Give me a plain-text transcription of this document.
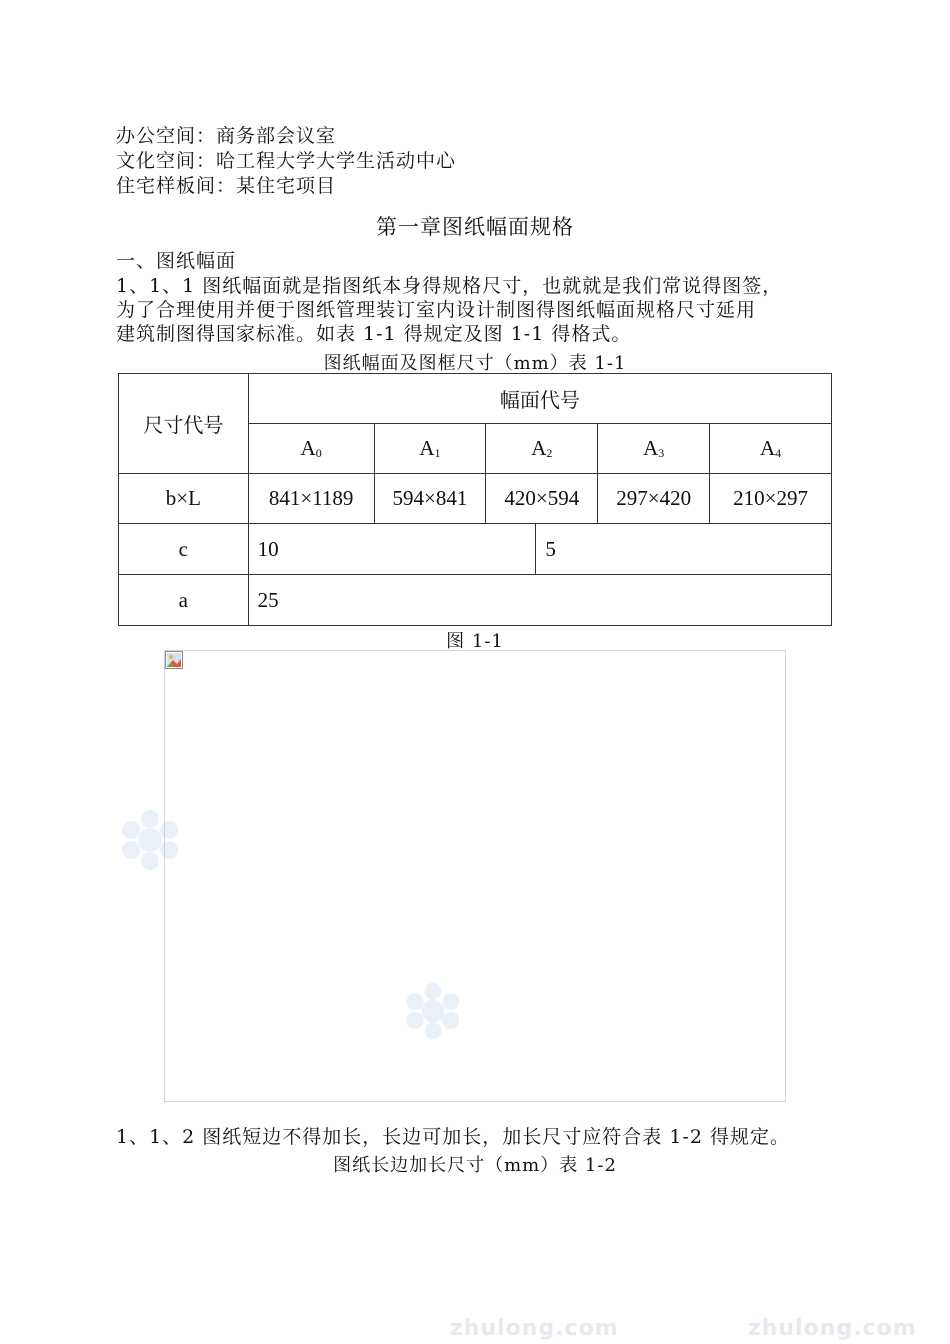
办公空间：商务部会议室
文化空间：哈工程大学大学生活动中心
住宅样板间：某住宅项目
第一章图纸幅面规格
一、图纸幅面
1、1、1 图纸幅面就是指图纸本身得规格尺寸，也就就是我们常说得图签，
为了合理使用并便于图纸管理装订室内设计制图得图纸幅面规格尺寸延用
建筑制图得国家标准。如表 1-1 得规定及图 1-1 得格式。
图纸幅面及图框尺寸（mm）表 1-1
尺寸代号	幅面代号					
	$A_0$	$A_1$	$A_2$		$A_3$	$A_4$
b×L	841×1189	594×841	420×594		297×420	210×297
c	10			5		
a	25					
图 1-1
1、1、2 图纸短边不得加长，长边可加长，加长尺寸应符合表 1-2 得规定。
图纸长边加长尺寸（mm）表 1-2
zhulong.com	zhulong.com
